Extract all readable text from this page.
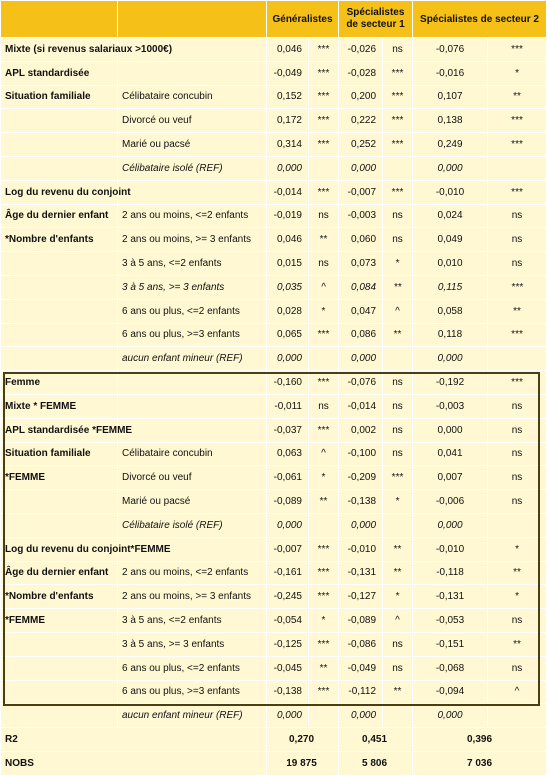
		Généralistes		Spécialistes de secteur 1		Spécialistes de secteur 2	
Mixte (si revenus salariaux >1000€)		0,046	***	-0,026	ns	-0,076	***
APL standardisée		-0,049	***	-0,028	***	-0,016	*
Situation familiale	Célibataire concubin	0,152	***	0,200	***	0,107	**
	Divorcé ou veuf	0,172	***	0,222	***	0,138	***
	Marié ou pacsé	0,314	***	0,252	***	0,249	***
	Célibataire isolé (REF)	0,000		0,000		0,000	
Log du revenu du conjoint		-0,014	***	-0,007	***	-0,010	***
Âge du dernier enfant	2 ans ou moins, <=2 enfants	-0,019	ns	-0,003	ns	0,024	ns
*Nombre d'enfants	2 ans ou moins, >= 3 enfants	0,046	**	0,060	ns	0,049	ns
	3 à 5 ans, <=2 enfants	0,015	ns	0,073	*	0,010	ns
	3 à 5 ans, >= 3 enfants	0,035	^	0,084	**	0,115	***
	6 ans ou plus, <=2 enfants	0,028	*	0,047	^	0,058	**
	6 ans ou plus, >=3 enfants	0,065	***	0,086	**	0,118	***
	aucun enfant mineur (REF)	0,000		0,000		0,000	
Femme		-0,160	***	-0,076	ns	-0,192	***
Mixte * FEMME		-0,011	ns	-0,014	ns	-0,003	ns
APL standardisée *FEMME		-0,037	***	0,002	ns	0,000	ns
Situation familiale	Célibataire concubin	0,063	^	-0,100	ns	0,041	ns
*FEMME	Divorcé ou veuf	-0,061	*	-0,209	***	0,007	ns
	Marié ou pacsé	-0,089	**	-0,138	*	-0,006	ns
	Célibataire isolé (REF)	0,000		0,000		0,000	
Log du revenu du conjoint*FEMME		-0,007	***	-0,010	**	-0,010	*
Âge du dernier enfant	2 ans ou moins, <=2 enfants	-0,161	***	-0,131	**	-0,118	**
*Nombre d'enfants	2 ans ou moins, >= 3 enfants	-0,245	***	-0,127	*	-0,131	*
*FEMME	3 à 5 ans, <=2 enfants	-0,054	*	-0,089	^	-0,053	ns
	3 à 5 ans, >= 3 enfants	-0,125	***	-0,086	ns	-0,151	**
	6 ans ou plus, <=2 enfants	-0,045	**	-0,049	ns	-0,068	ns
	6 ans ou plus, >=3 enfants	-0,138	***	-0,112	**	-0,094	^
	aucun enfant mineur (REF)	0,000		0,000		0,000	
R2		0,270		0,451		0,396	
NOBS		19 875		5 806		7 036	
